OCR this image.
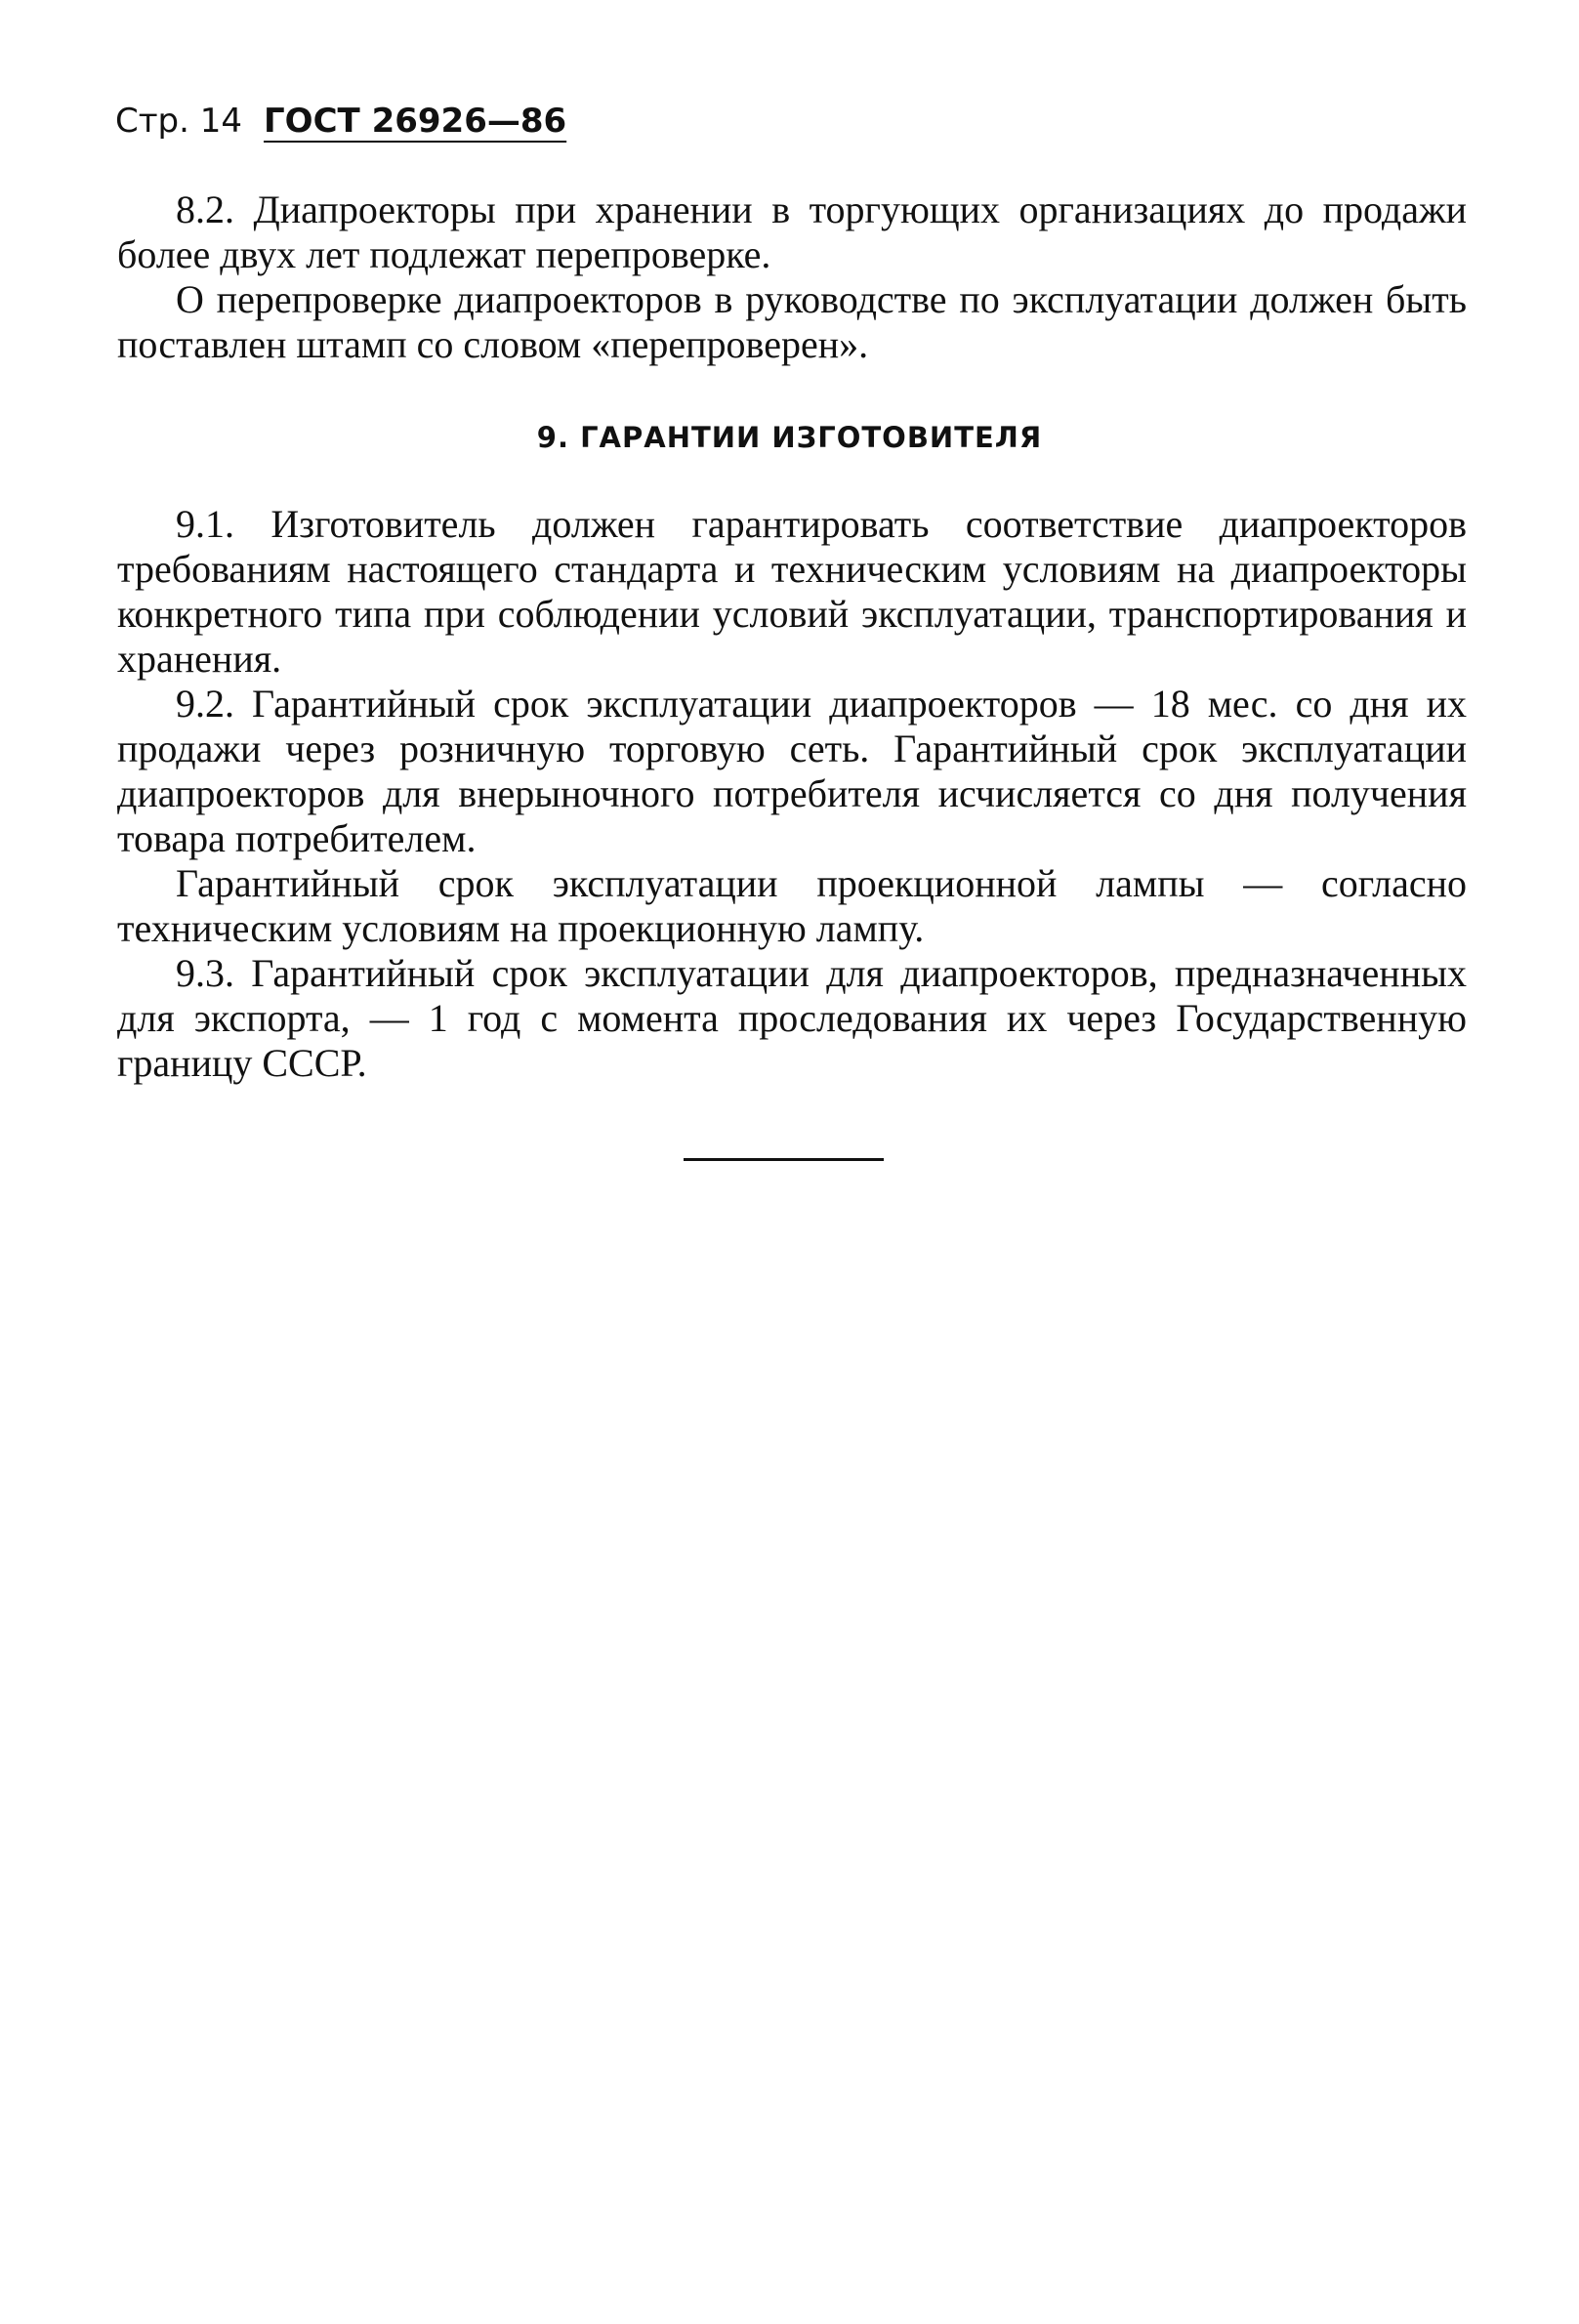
Стр. 14 ГОСТ 26926—86

8.2. Диапроекторы при хранении в торгующих организациях до продажи более двух лет подлежат перепроверке.

О перепроверке диапроекторов в руководстве по эксплуатации должен быть поставлен штамп со словом «перепроверен».

9. ГАРАНТИИ ИЗГОТОВИТЕЛЯ

9.1. Изготовитель должен гарантировать соответствие диапроекторов требованиям настоящего стандарта и техническим условиям на диапроекторы конкретного типа при соблюдении условий эксплуатации, транспортирования и хранения.

9.2. Гарантийный срок эксплуатации диапроекторов — 18 мес. со дня их продажи через розничную торговую сеть. Гарантийный срок эксплуатации диапроекторов для внерыночного потребителя исчисляется со дня получения товара потребителем.

Гарантийный срок эксплуатации проекционной лампы — согласно техническим условиям на проекционную лампу.

9.3. Гарантийный срок эксплуатации для диапроекторов, предназначенных для экспорта, — 1 год с момента проследования их через Государственную границу СССР.
